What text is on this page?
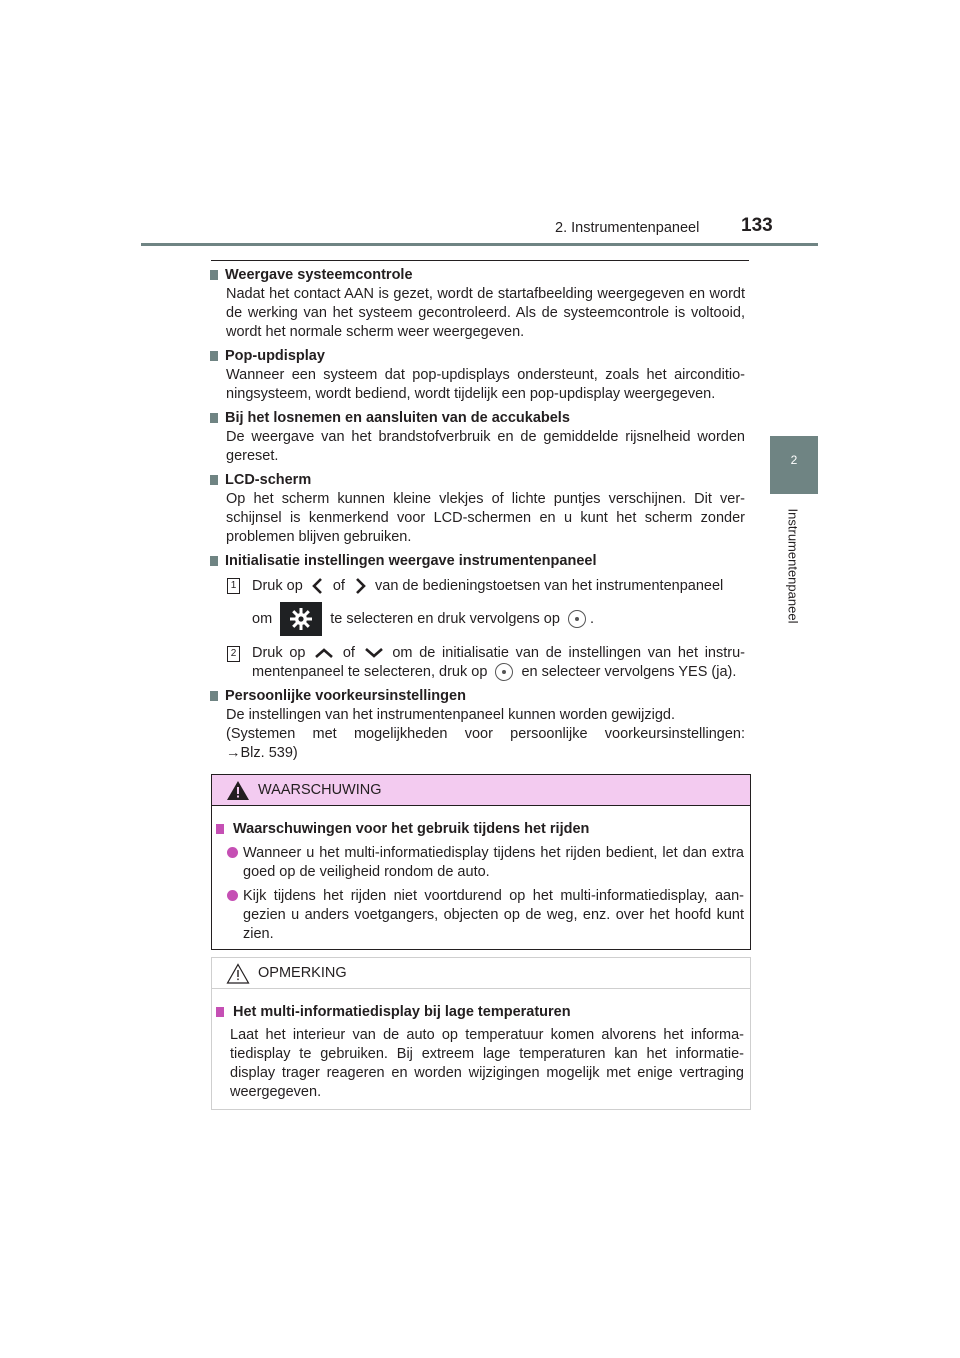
2. Instrumentenpaneel 133
2
Instrumentenpaneel
Weergave systeemcontrole
Nadat het contact AAN is gezet, wordt de startafbeelding weergegeven en wordt de werking van het systeem gecontroleerd. Als de systeemcontrole is voltooid, wordt het normale scherm weer weergegeven.
Pop-updisplay
Wanneer een systeem dat pop-updisplays ondersteunt, zoals het airconditio-ningsysteem, wordt bediend, wordt tijdelijk een pop-updisplay weergegeven.
Bij het losnemen en aansluiten van de accukabels
De weergave van het brandstofverbruik en de gemiddelde rijsnelheid worden gereset.
LCD-scherm
Op het scherm kunnen kleine vlekjes of lichte puntjes verschijnen. Dit ver-schijnsel is kenmerkend voor LCD-schermen en u kunt het scherm zonder problemen blijven gebruiken.
Initialisatie instellingen weergave instrumentenpaneel
1 Druk op of van de bedieningstoetsen van het instrumentenpaneel
om	te selecteren en druk vervolgens op .
2 Druk op	of	om de initialisatie van de instellingen van het instru-mentenpaneel te selecteren, druk op en selecteer vervolgens YES (ja).
Persoonlijke voorkeursinstellingen
De instellingen van het instrumentenpaneel kunnen worden gewijzigd.
(Systemen met mogelijkheden voor persoonlijke voorkeursinstellingen:
→Blz. 539)
WAARSCHUWING
Waarschuwingen voor het gebruik tijdens het rijden
Wanneer u het multi-informatiedisplay tijdens het rijden bedient, let dan extra goed op de veiligheid rondom de auto.
Kijk tijdens het rijden niet voortdurend op het multi-informatiedisplay, aan-gezien u anders voetgangers, objecten op de weg, enz. over het hoofd kunt zien.
OPMERKING
Het multi-informatiedisplay bij lage temperaturen
Laat het interieur van de auto op temperatuur komen alvorens het informa-tiedisplay te gebruiken. Bij extreem lage temperaturen kan het informatie-display trager reageren en worden wijzigingen mogelijk met enige vertraging weergegeven.
